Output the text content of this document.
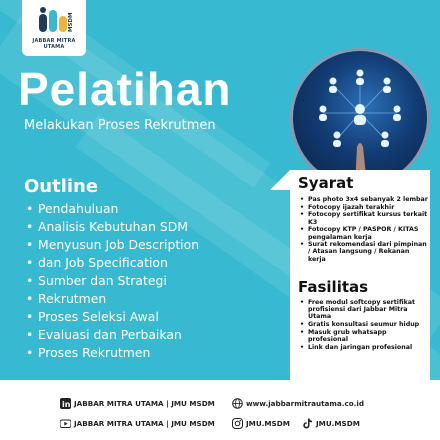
MSDM
JABBAR MITRA UTAMA
Pelatihan
Melakukan Proses Rekrutmen
Outline
• Pendahuluan
• Analisis Kebutuhan SDM
• Menyusun Job Description
• dan Job Specification
• Sumber dan Strategi
• Rekrutmen
• Proses Seleksi Awal
• Evaluasi dan Perbaikan
• Proses Rekrutmen
Syarat
• Pas photo 3x4 sebanyak 2 lembar
• Fotocopy ijazah terakhir
• Fotocopy sertifikat kursus terkait K3
• Fotocopy KTP / PASPOR / KITAS pengalaman kerja
• Surat rekomendasi dari pimpinan / Atasan langsung / Rekanan kerja
Fasilitas
• Free modul softcopy sertifikat profisiensi dari Jabbar Mitra Utama
• Gratis konsultasi seumur hidup
• Masuk grub whatsapp profesional
• Link dan jaringan profesional
in JABBAR MITRA UTAMA | JMU MSDM	www.jabbarmitrautama.co.id
JABBAR MITRA UTAMA | JMU MSDM	JMU.MSDM	JMU.MSDM
